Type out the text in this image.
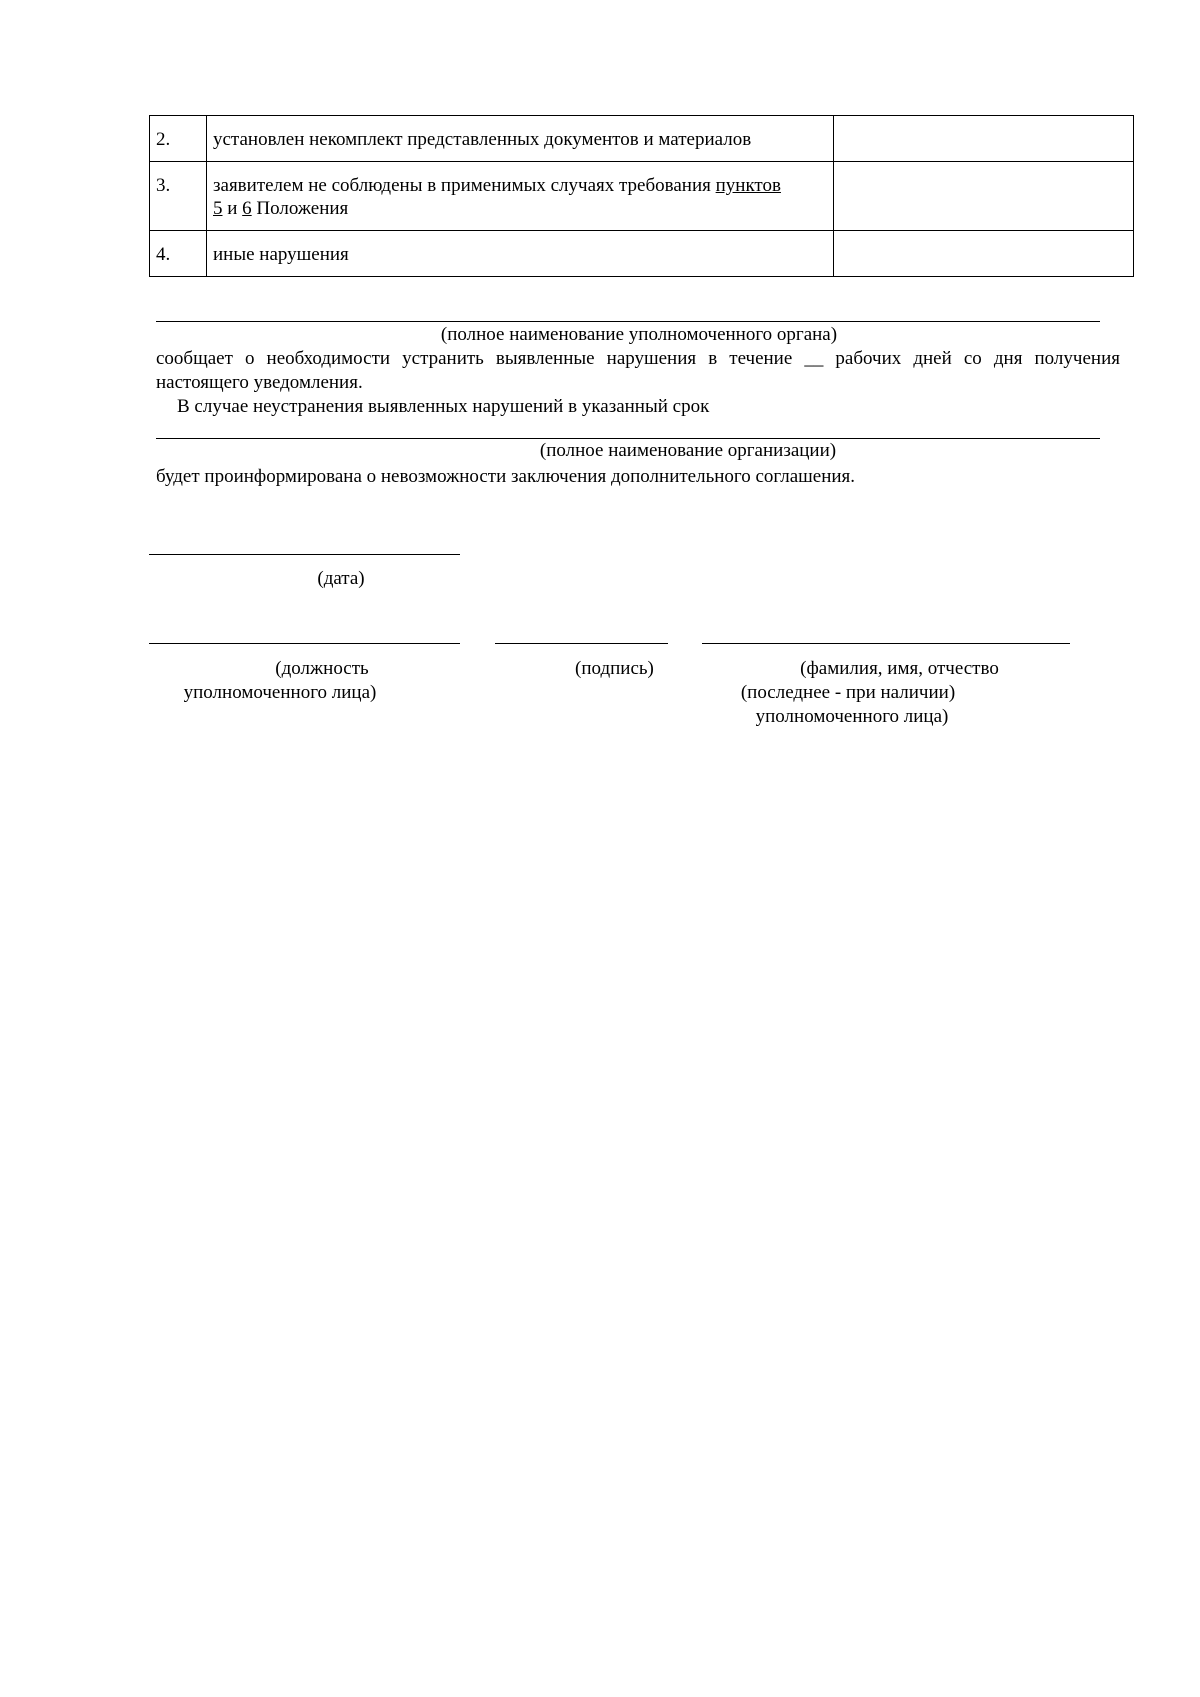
2.	установлен некомплект представленных документов и материалов	
3.	заявителем не соблюдены в применимых случаях требования пунктов
5 и 6 Положения	
4.	иные нарушения	
(полное наименование уполномоченного органа)
сообщает о необходимости устранить выявленные нарушения в течение __ рабочих дней со дня получения настоящего уведомления.
В случае неустранения выявленных нарушений в указанный срок
(полное наименование организации)
будет проинформирована о невозможности заключения дополнительного соглашения.
(дата)
(должность
уполномоченного лица)
(подпись)	(фамилия, имя, отчество
(последнее - при наличии)
уполномоченного лица)
